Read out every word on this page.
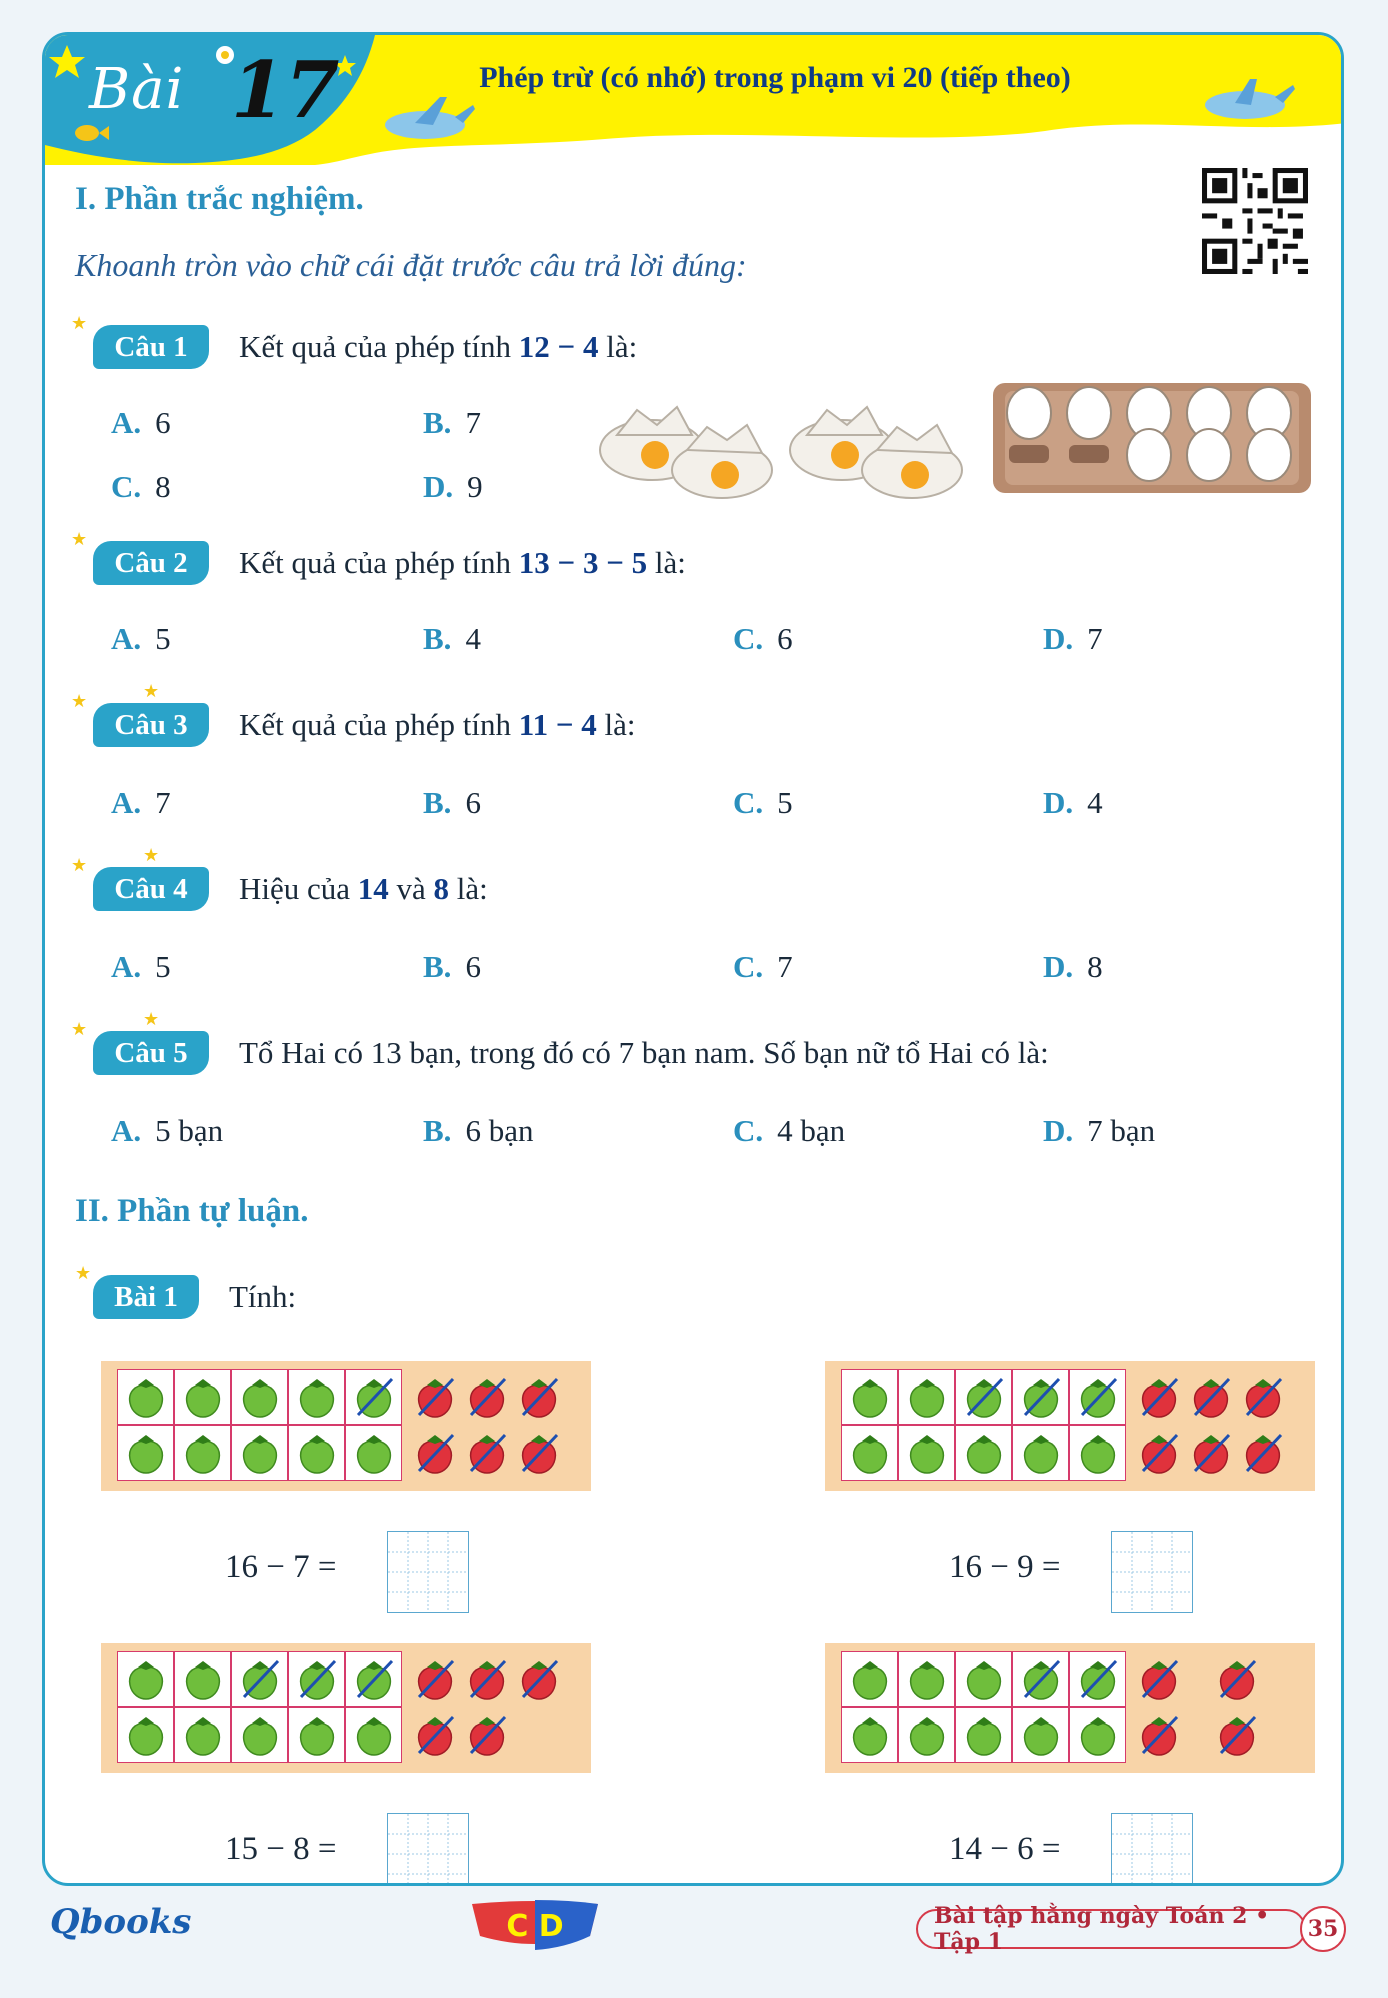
Bài 17	Phép trừ (có nhớ) trong phạm vi 20 (tiếp theo)
I. Phần trắc nghiệm.
Khoanh tròn vào chữ cái đặt trước câu trả lời đúng:
★
Câu 1	Kết quả của phép tính 12 − 4 là:
A. 6	B. 7
C. 8	D. 9
★
Câu 2	Kết quả của phép tính 13 − 3 − 5 là:
A. 5	B. 4	C. 6	D. 7
★	★
Câu 3	Kết quả của phép tính 11 − 4 là:
A. 7	B. 6	C. 5	D. 4
★	★
Câu 4	Hiệu của 14 và 8 là:
A. 5	B. 6	C. 7	D. 8
★	★
Câu 5	Tổ Hai có 13 bạn, trong đó có 7 bạn nam. Số bạn nữ tổ Hai có là:
A. 5 bạn	B. 6 bạn	C. 4 bạn	D. 7 bạn
II. Phần tự luận.
★
Bài 1	Tính:
16 − 7 =	16 − 9 =
15 − 8 =	14 − 6 =
Qbooks	C D	Bài tập hằng ngày Toán 2 • Tập 1	35
